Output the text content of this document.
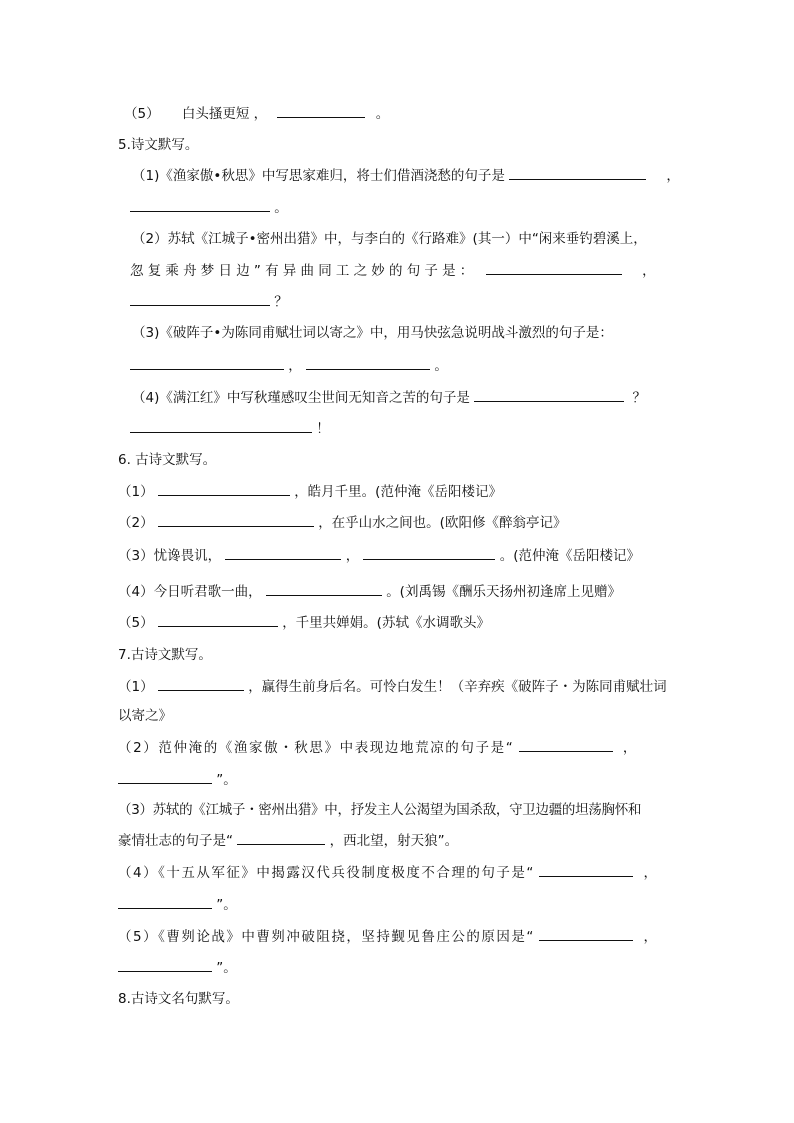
（5） 白头搔更短 ，	。
5.诗文默写。
（1)《渔家傲•秋思》中写思家难归，将士们借酒浇愁的句子是	，
。
（2）苏轼《江城子•密州出猎》中，与李白的《行路难》(其一）中“闲来垂钓碧溪上，
忽复乘舟梦日边”有异曲同工之妙的句子是：	，
？
（3)《破阵子•为陈同甫赋壮词以寄之》中，用马快弦急说明战斗激烈的句子是：
，	。
（4)《满江红》中写秋瑾感叹尘世间无知音之苦的句子是	？
！
6. 古诗文默写。
（1）	，皓月千里。(范仲淹《岳阳楼记》
（2）	，在乎山水之间也。(欧阳修《醉翁亭记》
（3）忧谗畏讥，	，	。(范仲淹《岳阳楼记》
（4）今日听君歌一曲，	。(刘禹锡《酬乐天扬州初逢席上见赠》
（5）	，千里共婵娟。(苏轼《水调歌头》
7.古诗文默写。
（1）	，赢得生前身后名。可怜白发生！（辛弃疾《破阵子・为陈同甫赋壮词
以寄之》
（2）范仲淹的《渔家傲・秋思》中表现边地荒凉的句子是“	，
”。
（3）苏轼的《江城子・密州出猎》中，抒发主人公渴望为国杀敌，守卫边疆的坦荡胸怀和
豪情壮志的句子是“	，西北望，射天狼”。
（4）《十五从军征》中揭露汉代兵役制度极度不合理的句子是“	，
”。
（5）《曹刿论战》中曹刿冲破阻挠，坚持觐见鲁庄公的原因是“	，
”。
8.古诗文名句默写。
